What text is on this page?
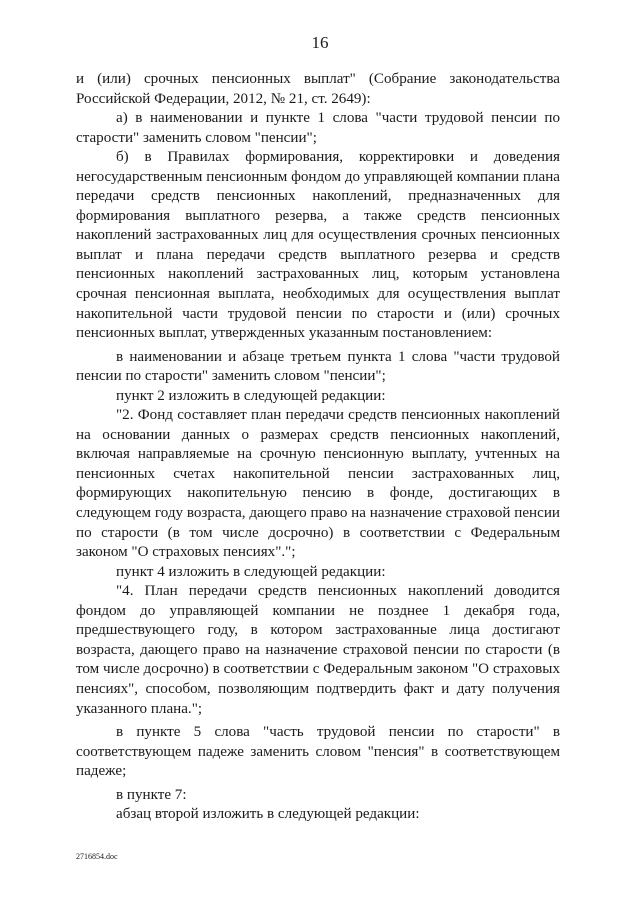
16

и (или) срочных пенсионных выплат" (Собрание законодательства Российской Федерации, 2012, № 21, ст. 2649):

а) в наименовании и пункте 1 слова "части трудовой пенсии по старости" заменить словом "пенсии";

б) в Правилах формирования, корректировки и доведения негосударственным пенсионным фондом до управляющей компании плана передачи средств пенсионных накоплений, предназначенных для формирования выплатного резерва, а также средств пенсионных накоплений застрахованных лиц для осуществления срочных пенсионных выплат и плана передачи средств выплатного резерва и средств пенсионных накоплений застрахованных лиц, которым установлена срочная пенсионная выплата, необходимых для осуществления выплат накопительной части трудовой пенсии по старости и (или) срочных пенсионных выплат, утвержденных указанным постановлением:

в наименовании и абзаце третьем пункта 1 слова "части трудовой пенсии по старости" заменить словом "пенсии";

пункт 2 изложить в следующей редакции:

"2. Фонд составляет план передачи средств пенсионных накоплений на основании данных о размерах средств пенсионных накоплений, включая направляемые на срочную пенсионную выплату, учтенных на пенсионных счетах накопительной пенсии застрахованных лиц, формирующих накопительную пенсию в фонде, достигающих в следующем году возраста, дающего право на назначение страховой пенсии по старости (в том числе досрочно) в соответствии с Федеральным законом "О страховых пенсиях".";

пункт 4 изложить в следующей редакции:

"4. План передачи средств пенсионных накоплений доводится фондом до управляющей компании не позднее 1 декабря года, предшествующего году, в котором застрахованные лица достигают возраста, дающего право на назначение страховой пенсии по старости (в том числе досрочно) в соответствии с Федеральным законом "О страховых пенсиях", способом, позволяющим подтвердить факт и дату получения указанного плана.";

в пункте 5 слова "часть трудовой пенсии по старости" в соответствующем падеже заменить словом "пенсия" в соответствующем падеже;

в пункте 7:

абзац второй изложить в следующей редакции:

2716854.doc
